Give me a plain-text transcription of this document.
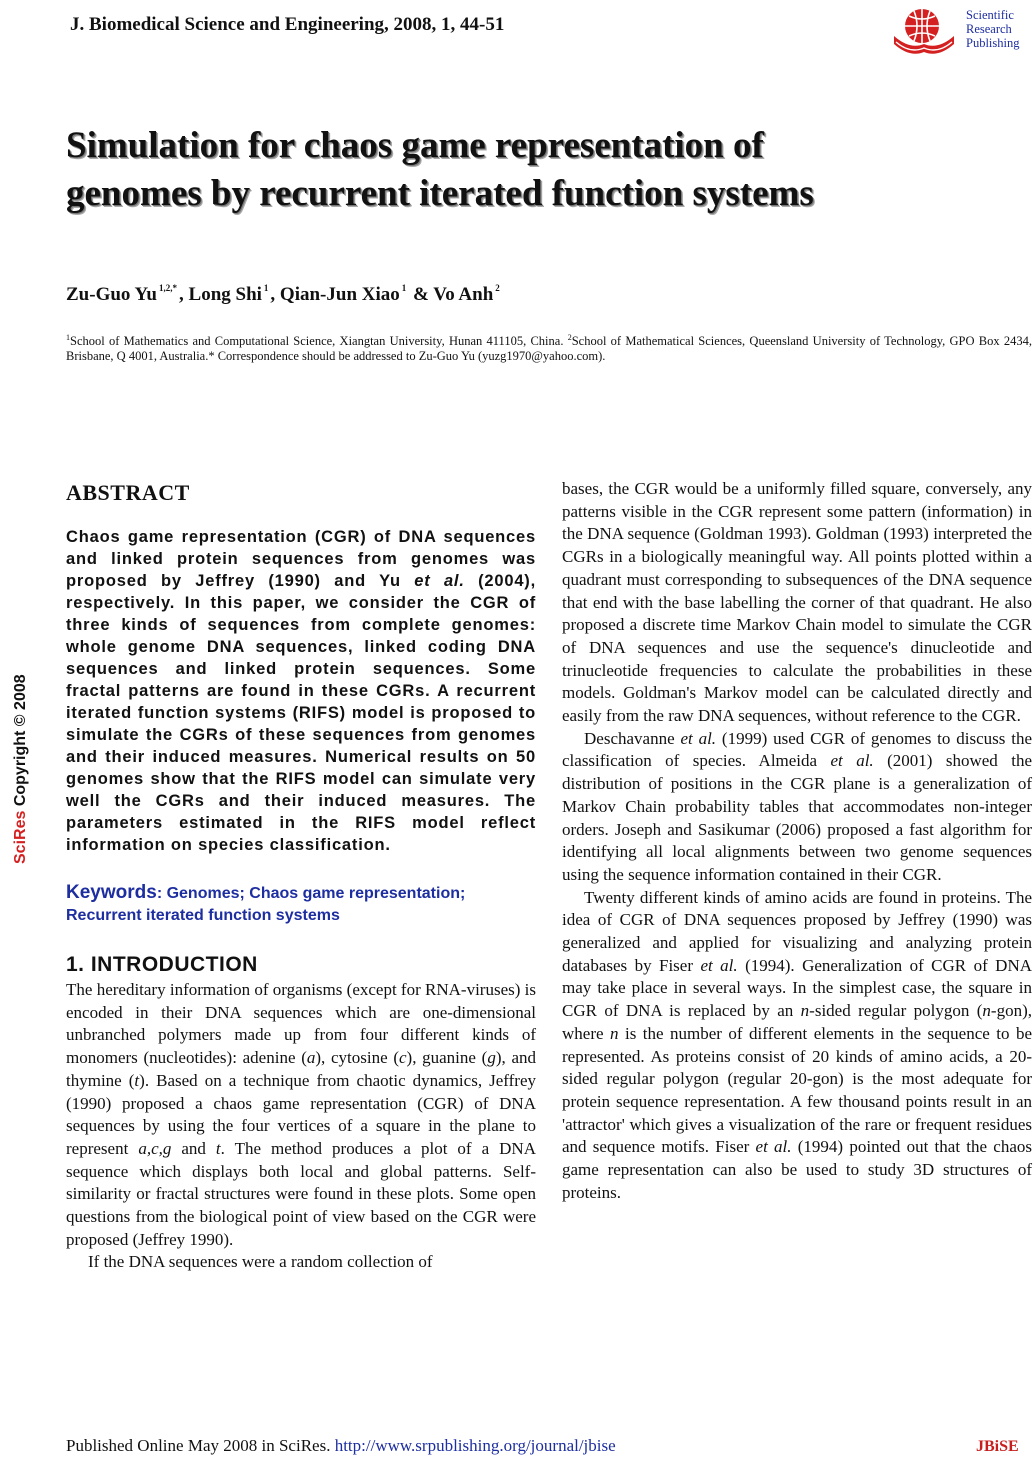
J. Biomedical Science and Engineering, 2008, 1, 44-51	Scientific
Research
Publishing
Simulation for chaos game representation of
genomes by recurrent iterated function systems
Zu-Guo Yu $^{1,2,*}$ , Long Shi $^1$ , Qian-Jun Xiao $^1$ & Vo Anh $^2$
$^1$School of Mathematics and Computational Science, Xiangtan University, Hunan 411105, China. $^2$School of Mathematical Sciences, Queensland University of Technology, GPO Box 2434, Brisbane, Q 4001, Australia.* Correspondence should be addressed to Zu-Guo Yu (yuzg1970@yahoo.com).
SciRes Copyright © 2008
ABSTRACT

Chaos game representation (CGR) of DNA sequences and linked protein sequences from genomes was proposed by Jeffrey (1990) and Yu et al. (2004), respectively. In this paper, we consider the CGR of three kinds of sequences from complete genomes: whole genome DNA sequences, linked coding DNA sequences and linked protein sequences. Some fractal patterns are found in these CGRs. A recurrent iterated function systems (RIFS) model is proposed to simulate the CGRs of these sequences from genomes and their induced measures. Numerical results on 50 genomes show that the RIFS model can simulate very well the CGRs and their induced measures. The parameters estimated in the RIFS model reflect information on species classification.

Keywords: Genomes; Chaos game representation; Recurrent iterated function systems
1. INTRODUCTION

The hereditary information of organisms (except for RNA-viruses) is encoded in their DNA sequences which are one-dimensional unbranched polymers made up from four different kinds of monomers (nucleotides): adenine (a), cytosine (c), guanine (g), and thymine (t). Based on a technique from chaotic dynamics, Jeffrey (1990) proposed a chaos game representation (CGR) of DNA sequences by using the four vertices of a square in the plane to represent a,c,g and t. The method produces a plot of a DNA sequence which displays both local and global patterns. Self-similarity or fractal structures were found in these plots. Some open questions from the biological point of view based on the CGR were proposed (Jeffrey 1990).

If the DNA sequences were a random collection of

bases, the CGR would be a uniformly filled square, conversely, any patterns visible in the CGR represent some pattern (information) in the DNA sequence (Goldman 1993). Goldman (1993) interpreted the CGRs in a biologically meaningful way. All points plotted within a quadrant must corresponding to subsequences of the DNA sequence that end with the base labelling the corner of that quadrant. He also proposed a discrete time Markov Chain model to simulate the CGR of DNA sequences and use the sequence's dinucleotide and trinucleotide frequencies to calculate the probabilities in these models. Goldman's Markov model can be calculated directly and easily from the raw DNA sequences, without reference to the CGR.

Deschavanne et al. (1999) used CGR of genomes to discuss the classification of species. Almeida et al. (2001) showed the distribution of positions in the CGR plane is a generalization of Markov Chain probability tables that accommodates non-integer orders. Joseph and Sasikumar (2006) proposed a fast algorithm for identifying all local alignments between two genome sequences using the sequence information contained in their CGR.

Twenty different kinds of amino acids are found in proteins. The idea of CGR of DNA sequences proposed by Jeffrey (1990) was generalized and applied for visualizing and analyzing protein databases by Fiser et al. (1994). Generalization of CGR of DNA may take place in several ways. In the simplest case, the square in CGR of DNA is replaced by an n-sided regular polygon (n-gon), where n is the number of different elements in the sequence to be represented. As proteins consist of 20 kinds of amino acids, a 20-sided regular polygon (regular 20-gon) is the most adequate for protein sequence representation. A few thousand points result in an 'attractor' which gives a visualization of the rare or frequent residues and sequence motifs. Fiser et al. (1994) pointed out that the chaos game representation can also be used to study 3D structures of proteins.

Published Online May 2008 in SciRes. http://www.srpublishing.org/journal/jbise	JBiSE
